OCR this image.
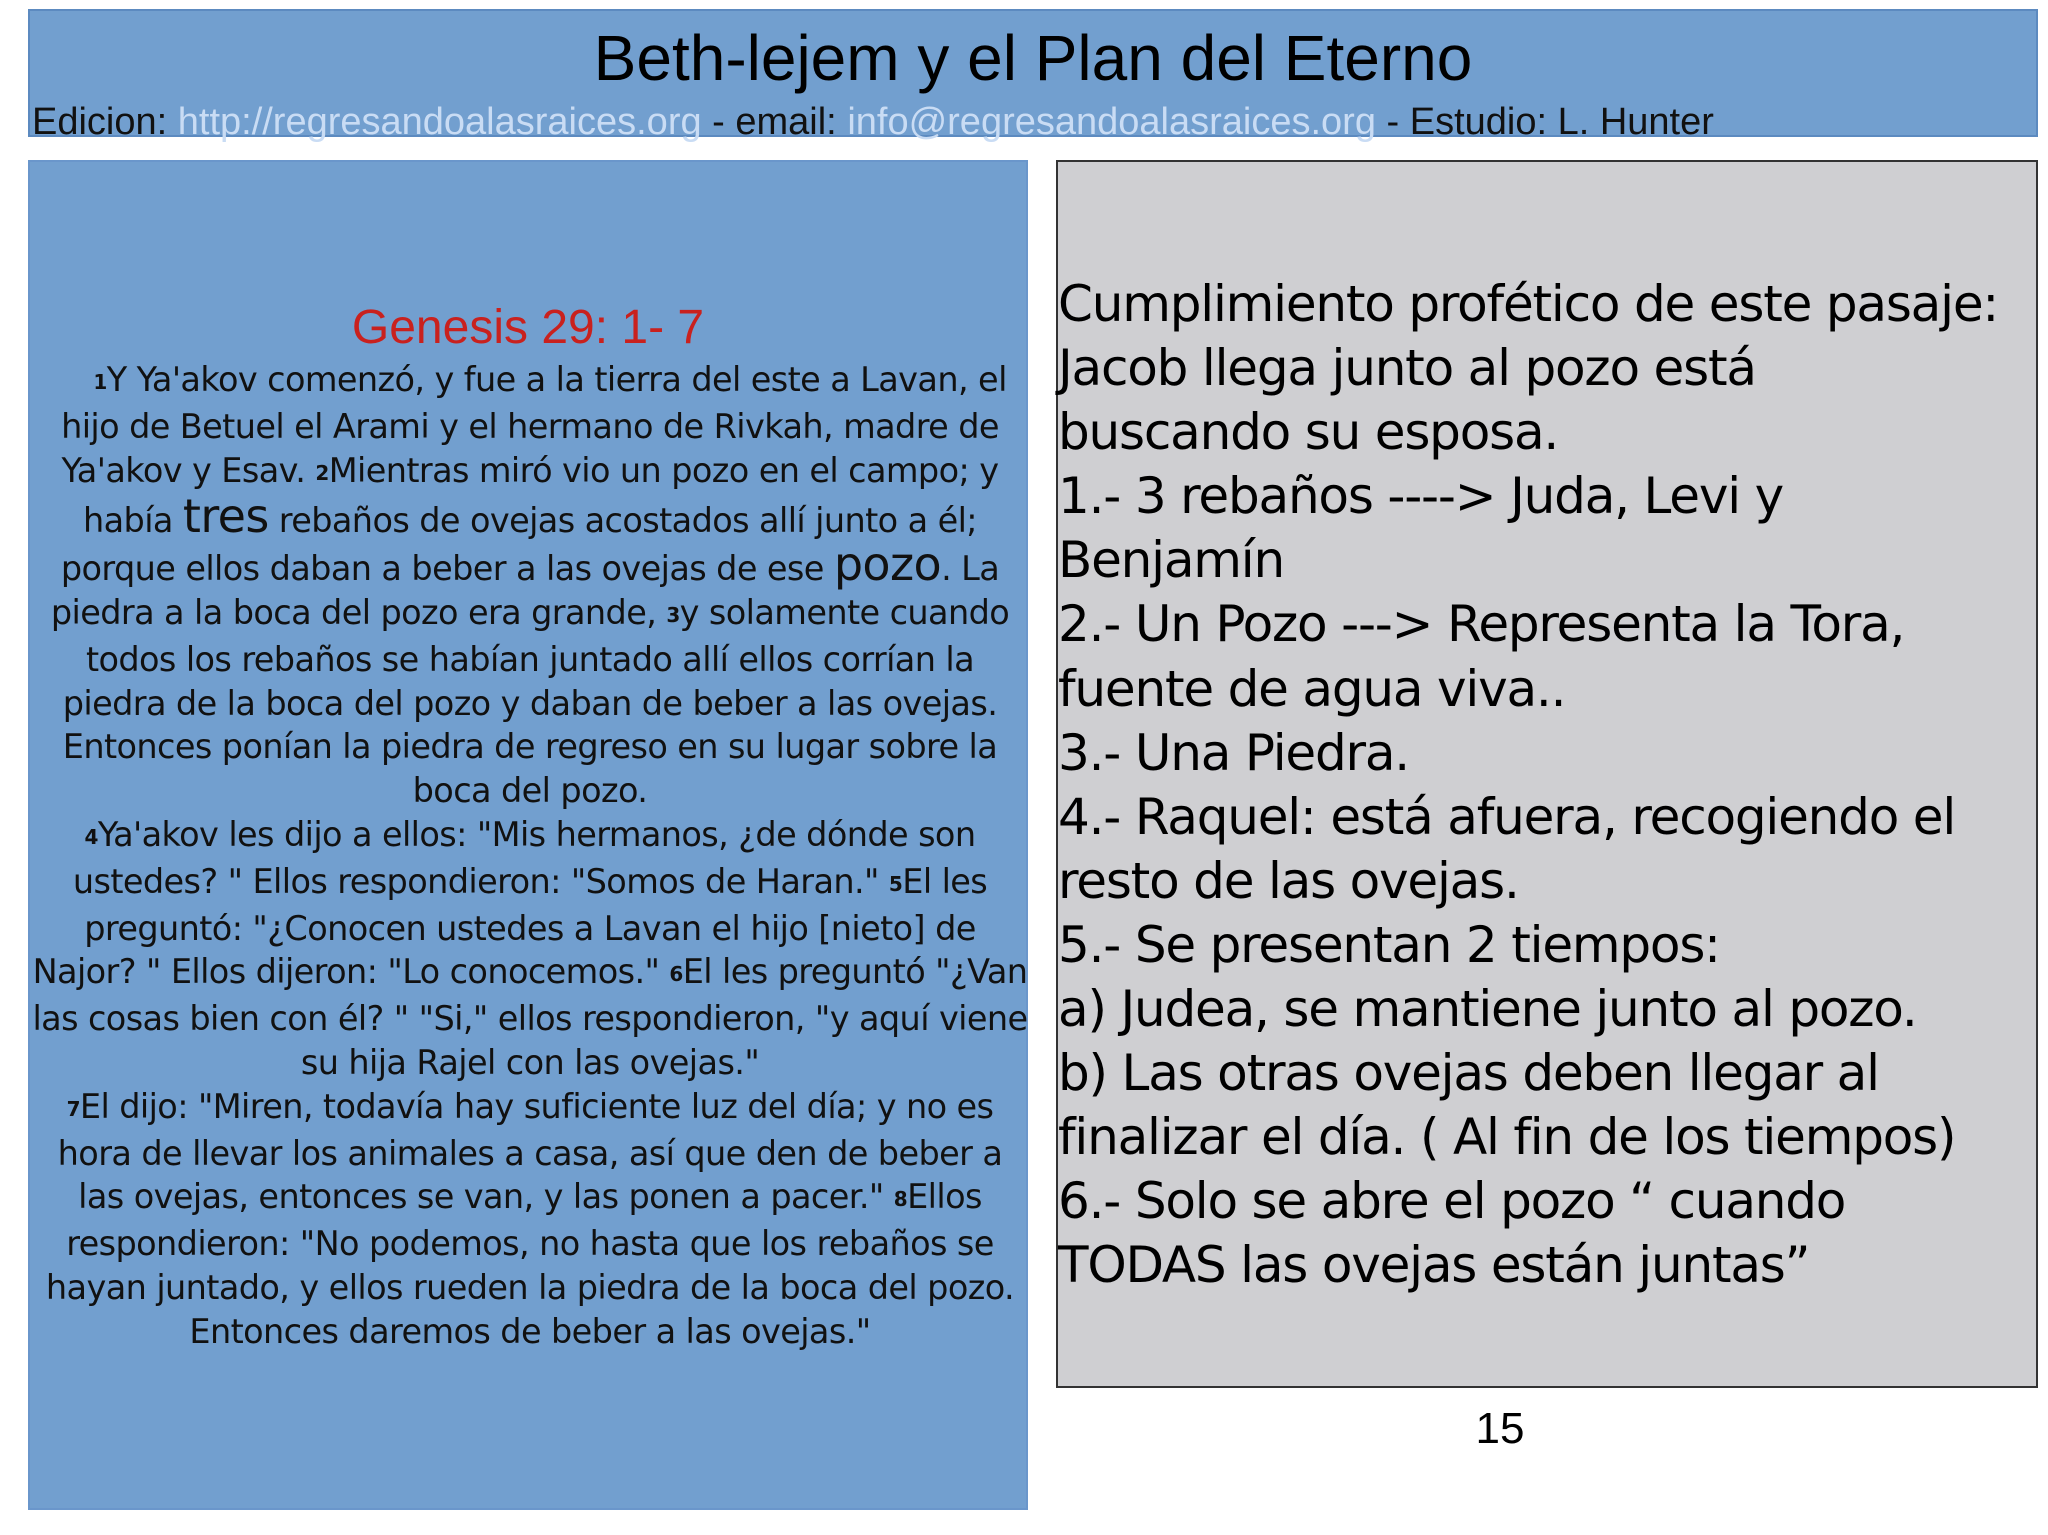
Beth-lejem y el Plan del Eterno
Edicion: http://regresandoalasraices.org - email: info@regresandoalasraices.org - Estudio: L. Hunter
Genesis 29: 1- 7
1Y Ya'akov comenzó, y fue a la tierra del este a Lavan, el hijo de Betuel el Arami y el hermano de Rivkah, madre de Ya'akov y Esav. 2Mientras miró vio un pozo en el campo; y había tres rebaños de ovejas acostados allí junto a él; porque ellos daban a beber a las ovejas de ese pozo. La piedra a la boca del pozo era grande, 3y solamente cuando todos los rebaños se habían juntado allí ellos corrían la piedra de la boca del pozo y daban de beber a las ovejas. Entonces ponían la piedra de regreso en su lugar sobre la boca del pozo.
4Ya'akov les dijo a ellos: "Mis hermanos, ¿de dónde son ustedes? " Ellos respondieron: "Somos de Haran." 5El les preguntó: "¿Conocen ustedes a Lavan el hijo [nieto] de Najor? " Ellos dijeron: "Lo conocemos." 6El les preguntó "¿Van las cosas bien con él? " "Si," ellos respondieron, "y aquí viene su hija Rajel con las ovejas."
7El dijo: "Miren, todavía hay suficiente luz del día; y no es hora de llevar los animales a casa, así que den de beber a las ovejas, entonces se van, y las ponen a pacer." 8Ellos respondieron: "No podemos, no hasta que los rebaños se hayan juntado, y ellos rueden la piedra de la boca del pozo. Entonces daremos de beber a las ovejas."
Cumplimiento profético de este pasaje:
Jacob llega junto al pozo está
buscando su esposa.
1.- 3 rebaños ----> Juda, Levi y
Benjamín
2.- Un Pozo ---> Representa la Tora,
fuente de agua viva..
3.- Una Piedra.
4.- Raquel: está afuera, recogiendo el
resto de las ovejas.
5.- Se presentan 2 tiempos:
a) Judea, se mantiene junto al pozo.
b) Las otras ovejas deben llegar al
finalizar el día. ( Al fin de los tiempos)
6.- Solo se abre el pozo “ cuando
TODAS las ovejas están juntas”
15
